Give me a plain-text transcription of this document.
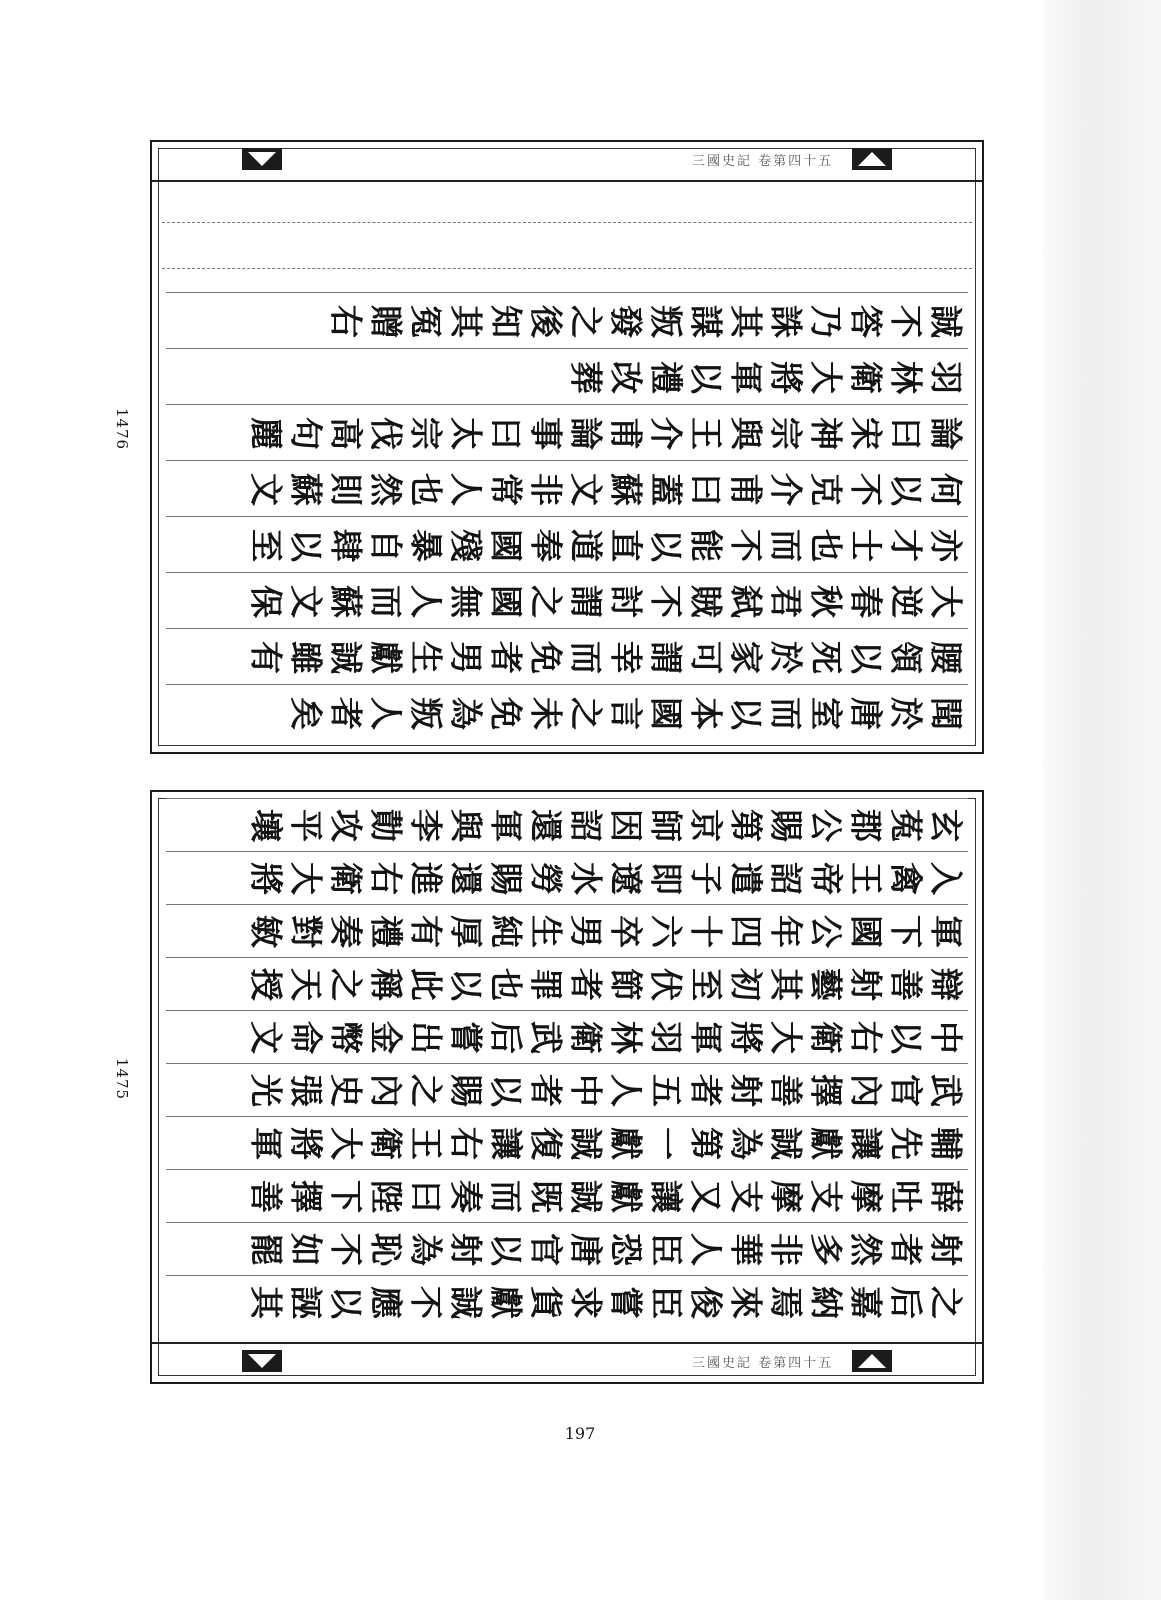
1476
1475
三國史記 卷第四十五
誠
不
答
乃
誅
其
謀
叛
發
之
後
知
其
冤
贈
右
羽
林
衛
大
將
軍
以
禮
改
葬
論
曰
宋
神
宗
與
王
介
甫
論
事
曰
太
宗
伐
高
句
麗
何
以
不
克
介
甫
曰
蓋
蘇
文
非
常
人
也
然
則
蘇
文
亦
才
士
也
而
不
能
以
直
道
奉
國
殘
暴
自
肆
以
至
大
逆
春
秋
君
弑
賊
不
討
謂
之
國
無
人
而
蘇
文
保
腰
領
以
死
於
家
可
謂
幸
而
免
者
男
生
獻
誠
雖
有
聞
於
唐
室
而
以
本
國
言
之
未
免
為
叛
人
者
矣
玄
菟
郡
公
賜
第
京
師
因
詔
還
軍
與
李
勣
攻
平
壤
入
禽
王
帝
詔
遣
子
即
遼
水
勞
賜
還
進
右
衛
大
將
軍
下
國
公
年
四
十
六
卒
男
生
純
厚
有
禮
奏
對
敏
辯
善
射
藝
其
初
至
伏
節
者
罪
也
以
此
稱
之
天
授
中
以
右
衛
大
將
軍
羽
林
衛
武
后
嘗
出
金
幣
命
文
武
官
內
擇
善
射
者
五
人
中
者
以
賜
之
內
史
張
光
輔
先
讓
獻
誠
為
第
一
獻
誠
復
讓
右
王
衛
大
將
軍
薛
吐
摩
支
摩
支
又
讓
獻
誠
既
而
奏
曰
陛
下
擇
善
射
者
然
多
非
華
人
臣
恐
唐
官
以
射
為
恥
不
如
罷
之
后
嘉
納
焉
來
俊
臣
嘗
求
貨
獻
誠
不
應
以
誣
其
三國史記 卷第四十五
197
